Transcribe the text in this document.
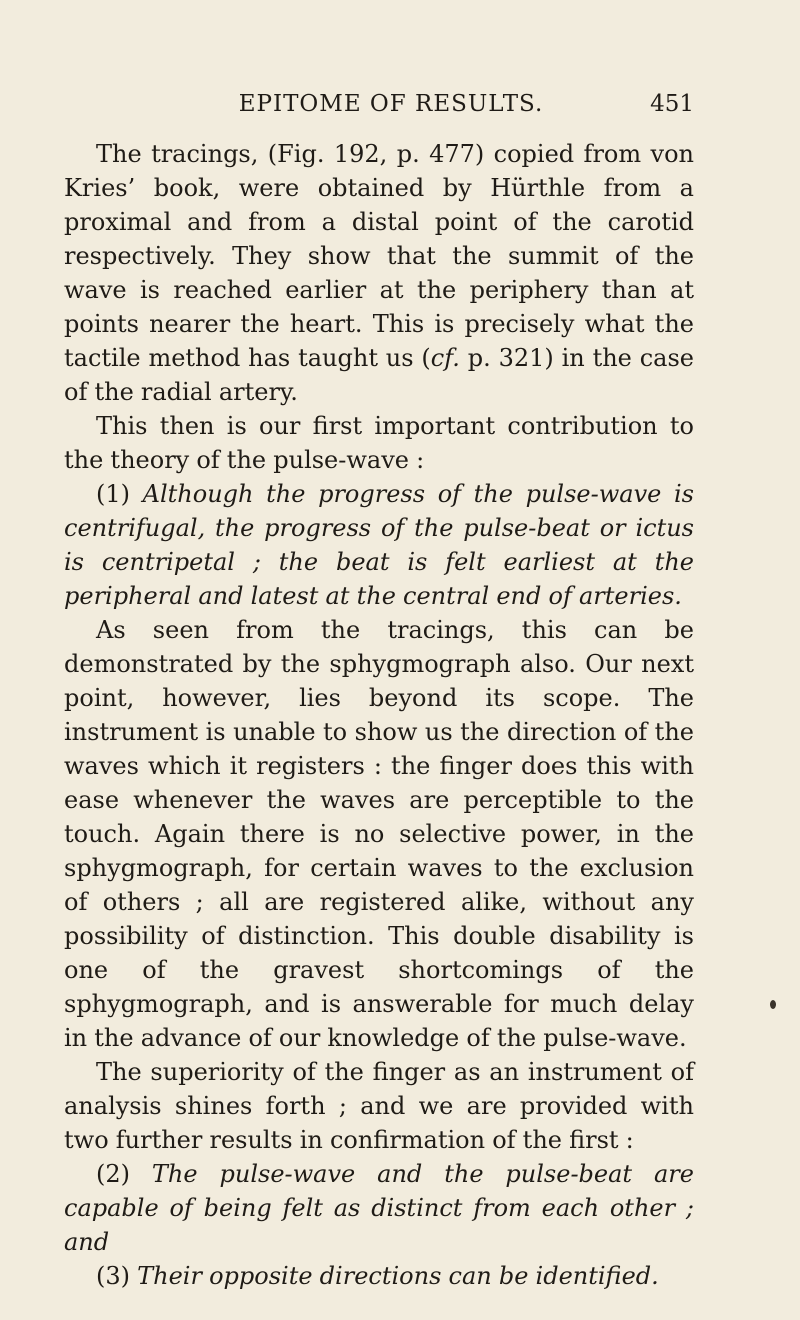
EPITOME OF RESULTS.	451

The tracings, (Fig. 192, p. 477) copied from von Kries’ book, were obtained by Hürthle from a proximal and from a distal point of the carotid respectively. They show that the summit of the wave is reached earlier at the periphery than at points nearer the heart. This is precisely what the tactile method has taught us (cf. p. 321) in the case of the radial artery.

This then is our first important contribution to the theory of the pulse-wave :

(1) Although the progress of the pulse-wave is centrifugal, the progress of the pulse-beat or ictus is centripetal ; the beat is felt earliest at the peripheral and latest at the central end of arteries.

As seen from the tracings, this can be demonstrated by the sphygmograph also. Our next point, however, lies beyond its scope. The instrument is unable to show us the direction of the waves which it registers : the finger does this with ease whenever the waves are perceptible to the touch. Again there is no selective power, in the sphygmograph, for certain waves to the exclusion of others ; all are registered alike, without any possibility of distinction. This double disability is one of the gravest shortcomings of the sphygmograph, and is answerable for much delay in the advance of our knowledge of the pulse-wave.

The superiority of the finger as an instrument of analysis shines forth ; and we are provided with two further results in confirmation of the first :

(2) The pulse-wave and the pulse-beat are capable of being felt as distinct from each other ; and

(3) Their opposite directions can be identified.
